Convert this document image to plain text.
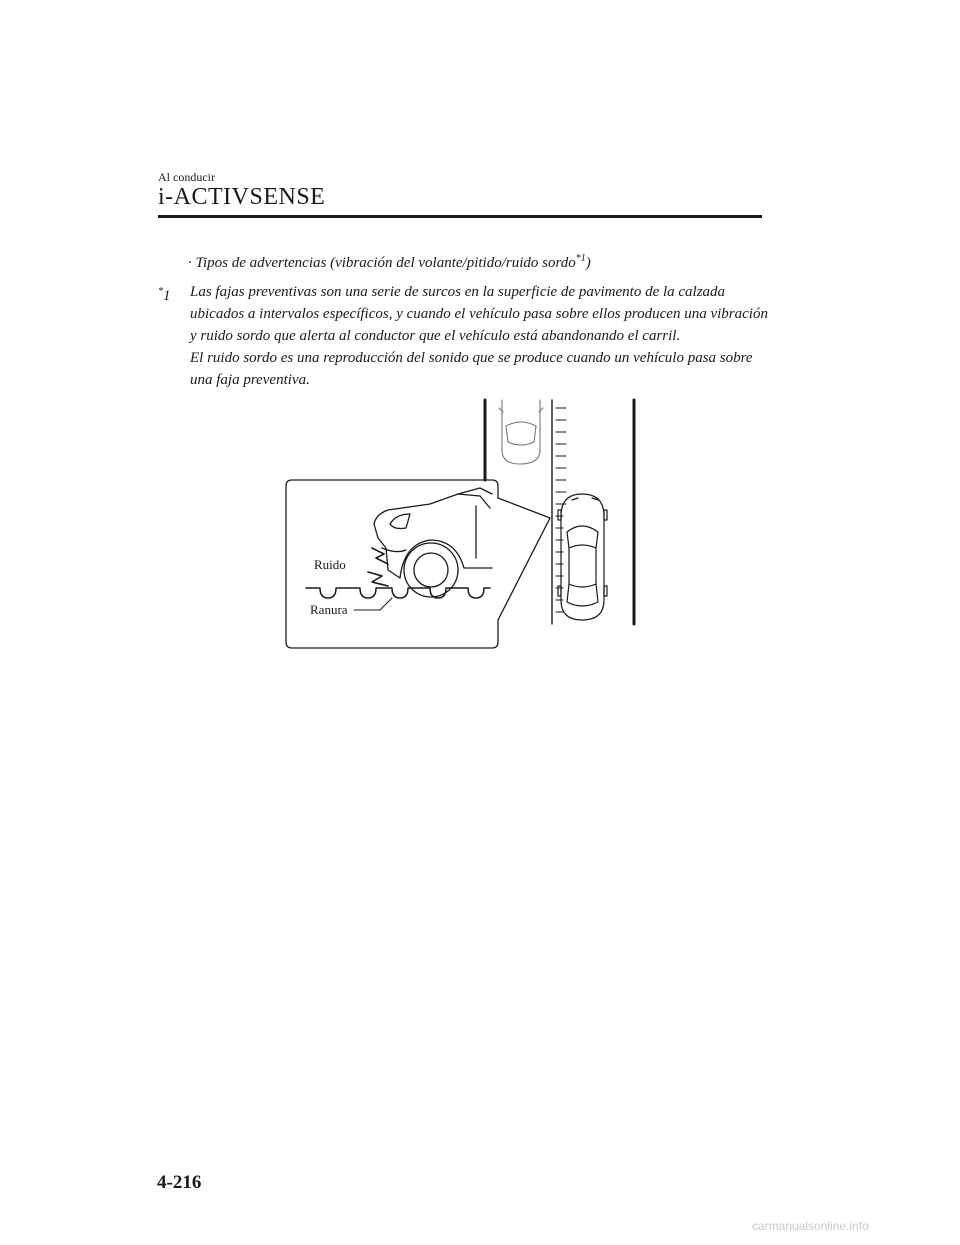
Al conducir
i-ACTIVSENSE
· Tipos de advertencias (vibración del volante/pitido/ruido sordo$^{*1}$)
*1 Las fajas preventivas son una serie de surcos en la superficie de pavimento de la calzada ubicados a intervalos específicos, y cuando el vehículo pasa sobre ellos producen una vibración y ruido sordo que alerta al conductor que el vehículo está abandonando el carril.

El ruido sordo es una reproducción del sonido que se produce cuando un vehículo pasa sobre una faja preventiva.

Ruido
Ranura
4-216
carmanualsonline.info
